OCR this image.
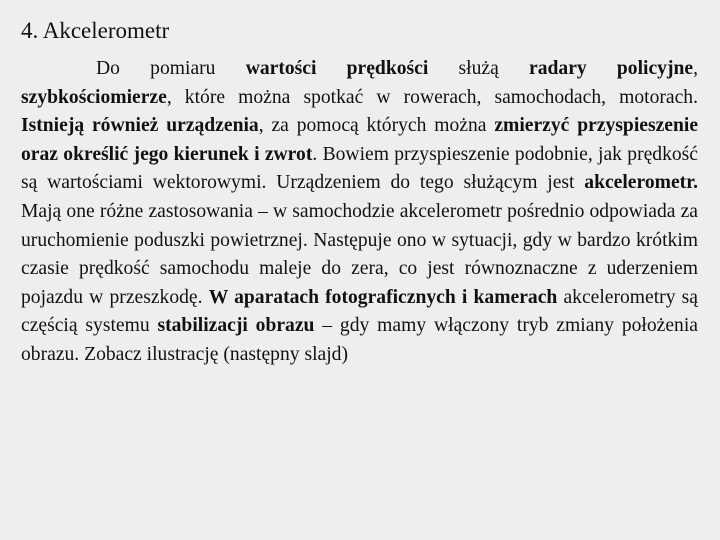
4. Akcelerometr

Do pomiaru wartości prędkości służą radary policyjne, szybkościomierze, które można spotkać w rowerach, samochodach, motorach. Istnieją również urządzenia, za pomocą których można zmierzyć przyspieszenie oraz określić jego kierunek i zwrot. Bowiem przyspieszenie podobnie, jak prędkość są wartościami wektorowymi. Urządzeniem do tego służącym jest akcelerometr. Mają one różne zastosowania – w samochodzie akcelerometr pośrednio odpowiada za uruchomienie poduszki powietrznej. Następuje ono w sytuacji, gdy w bardzo krótkim czasie prędkość samochodu maleje do zera, co jest równoznaczne z uderzeniem pojazdu w przeszkodę. W aparatach fotograficznych i kamerach akcelerometry są częścią systemu stabilizacji obrazu – gdy mamy włączony tryb zmiany położenia obrazu. Zobacz ilustrację (następny slajd)
